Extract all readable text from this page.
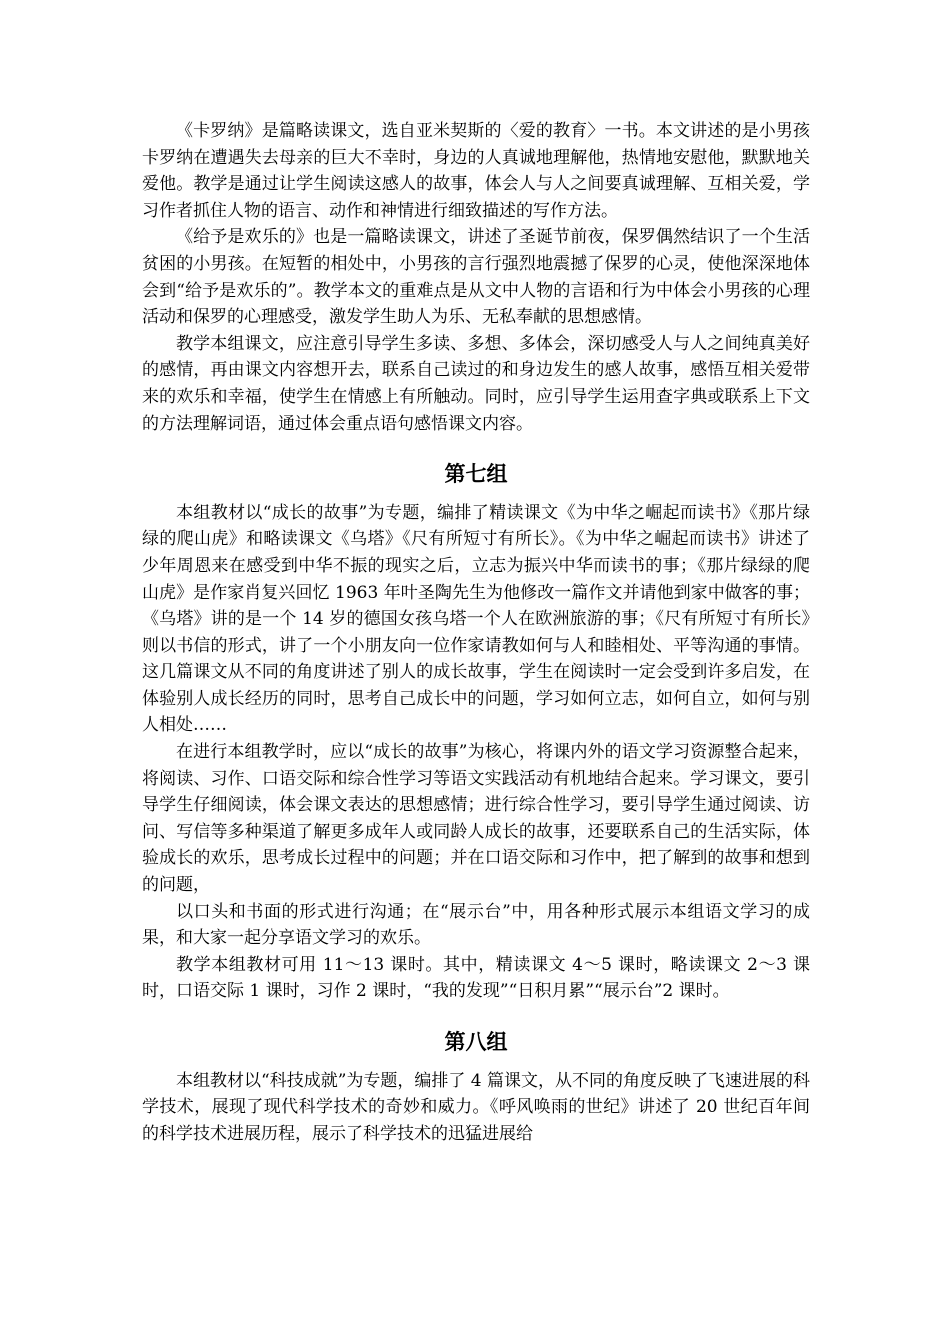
《卡罗纳》是篇略读课文，选自亚米契斯的〈爱的教育〉一书。本文讲述的是小男孩卡罗纳在遭遇失去母亲的巨大不幸时，身边的人真诚地理解他，热情地安慰他，默默地关爱他。教学是通过让学生阅读这感人的故事，体会人与人之间要真诚理解、互相关爱，学习作者抓住人物的语言、动作和神情进行细致描述的写作方法。

《给予是欢乐的》也是一篇略读课文，讲述了圣诞节前夜，保罗偶然结识了一个生活贫困的小男孩。在短暂的相处中，小男孩的言行强烈地震撼了保罗的心灵，使他深深地体会到“给予是欢乐的”。教学本文的重难点是从文中人物的言语和行为中体会小男孩的心理活动和保罗的心理感受，激发学生助人为乐、无私奉献的思想感情。

教学本组课文，应注意引导学生多读、多想、多体会，深切感受人与人之间纯真美好的感情，再由课文内容想开去，联系自己读过的和身边发生的感人故事，感悟互相关爱带来的欢乐和幸福，使学生在情感上有所触动。同时，应引导学生运用查字典或联系上下文的方法理解词语，通过体会重点语句感悟课文内容。

第七组

本组教材以“成长的故事”为专题，编排了精读课文《为中华之崛起而读书》《那片绿绿的爬山虎》和略读课文《乌塔》《尺有所短寸有所长》。《为中华之崛起而读书》讲述了少年周恩来在感受到中华不振的现实之后，立志为振兴中华而读书的事；《那片绿绿的爬山虎》是作家肖复兴回忆 1963 年叶圣陶先生为他修改一篇作文并请他到家中做客的事；《乌塔》讲的是一个 14 岁的德国女孩乌塔一个人在欧洲旅游的事；《尺有所短寸有所长》则以书信的形式，讲了一个小朋友向一位作家请教如何与人和睦相处、平等沟通的事情。这几篇课文从不同的角度讲述了别人的成长故事，学生在阅读时一定会受到许多启发，在体验别人成长经历的同时，思考自己成长中的问题，学习如何立志，如何自立，如何与别人相处……

在进行本组教学时，应以“成长的故事”为核心，将课内外的语文学习资源整合起来，将阅读、习作、口语交际和综合性学习等语文实践活动有机地结合起来。学习课文，要引导学生仔细阅读，体会课文表达的思想感情；进行综合性学习，要引导学生通过阅读、访问、写信等多种渠道了解更多成年人或同龄人成长的故事，还要联系自己的生活实际，体验成长的欢乐，思考成长过程中的问题；并在口语交际和习作中，把了解到的故事和想到的问题，

以口头和书面的形式进行沟通；在“展示台”中，用各种形式展示本组语文学习的成果，和大家一起分享语文学习的欢乐。

教学本组教材可用 11～13 课时。其中，精读课文 4～5 课时，略读课文 2～3 课时，口语交际 1 课时，习作 2 课时，“我的发现”“日积月累”“展示台”2 课时。

第八组

本组教材以“科技成就”为专题，编排了 4 篇课文，从不同的角度反映了飞速进展的科学技术，展现了现代科学技术的奇妙和威力。《呼风唤雨的世纪》讲述了 20 世纪百年间的科学技术进展历程，展示了科学技术的迅猛进展给
